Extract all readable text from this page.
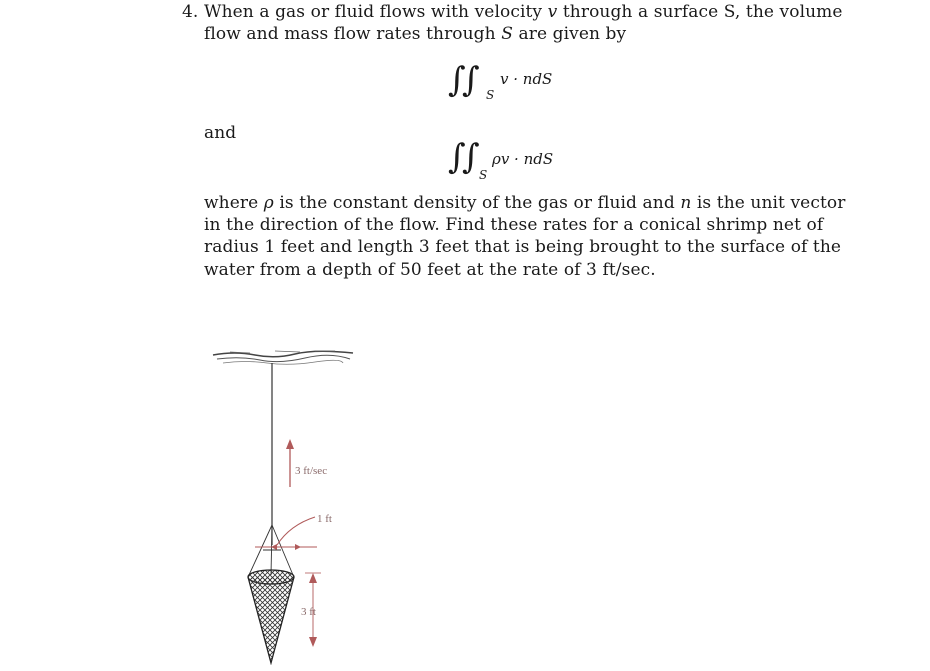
4. When a gas or fluid flows with velocity v through a surface S, the volume
flow and mass flow rates through S are given by
∫
∫ S
v · ndS
and
∫
∫ S
ρv · ndS
where ρ is the constant density of the gas or fluid and n is the unit vector
in the direction of the flow. Find these rates for a conical shrimp net of
radius 1 feet and length 3 feet that is being brought to the surface of the
water from a depth of 50 feet at the rate of 3 ft/sec.
3 ft/sec
1 ft
3 ft
